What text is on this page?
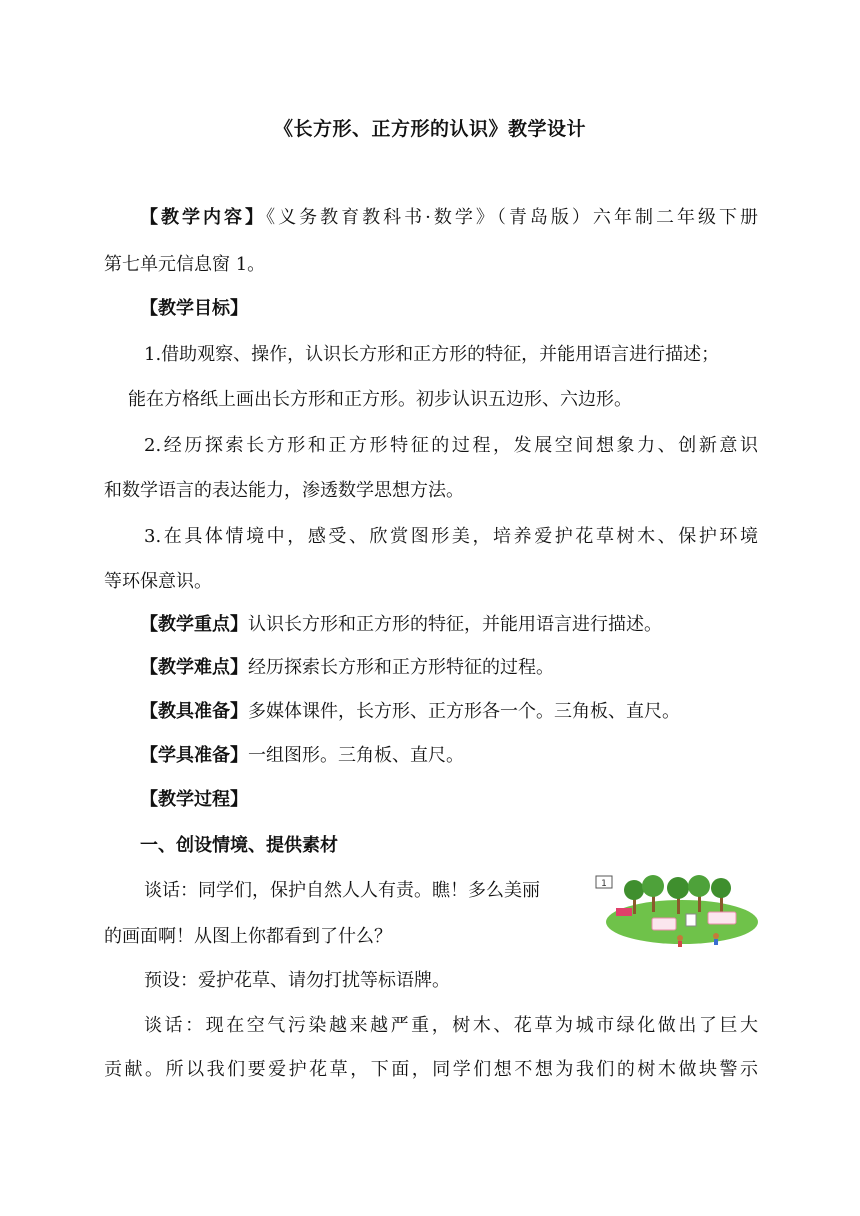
《长方形、正方形的认识》教学设计
【教学内容】《义务教育教科书·数学》（青岛版）六年制二年级下册
第七单元信息窗 1。
【教学目标】
1.借助观察、操作，认识长方形和正方形的特征，并能用语言进行描述；
能在方格纸上画出长方形和正方形。初步认识五边形、六边形。
2.经历探索长方形和正方形特征的过程，发展空间想象力、创新意识
和数学语言的表达能力，渗透数学思想方法。
3.在具体情境中，感受、欣赏图形美，培养爱护花草树木、保护环境
等环保意识。
【教学重点】认识长方形和正方形的特征，并能用语言进行描述。
【教学难点】经历探索长方形和正方形特征的过程。
【教具准备】多媒体课件，长方形、正方形各一个。三角板、直尺。
【学具准备】一组图形。三角板、直尺。
【教学过程】
一、创设情境、提供素材
谈话：同学们，保护自然人人有责。瞧！多么美丽
的画面啊！从图上你都看到了什么？
1
预设：爱护花草、请勿打扰等标语牌。
谈话：现在空气污染越来越严重，树木、花草为城市绿化做出了巨大
贡献。所以我们要爱护花草，下面，同学们想不想为我们的树木做块警示
